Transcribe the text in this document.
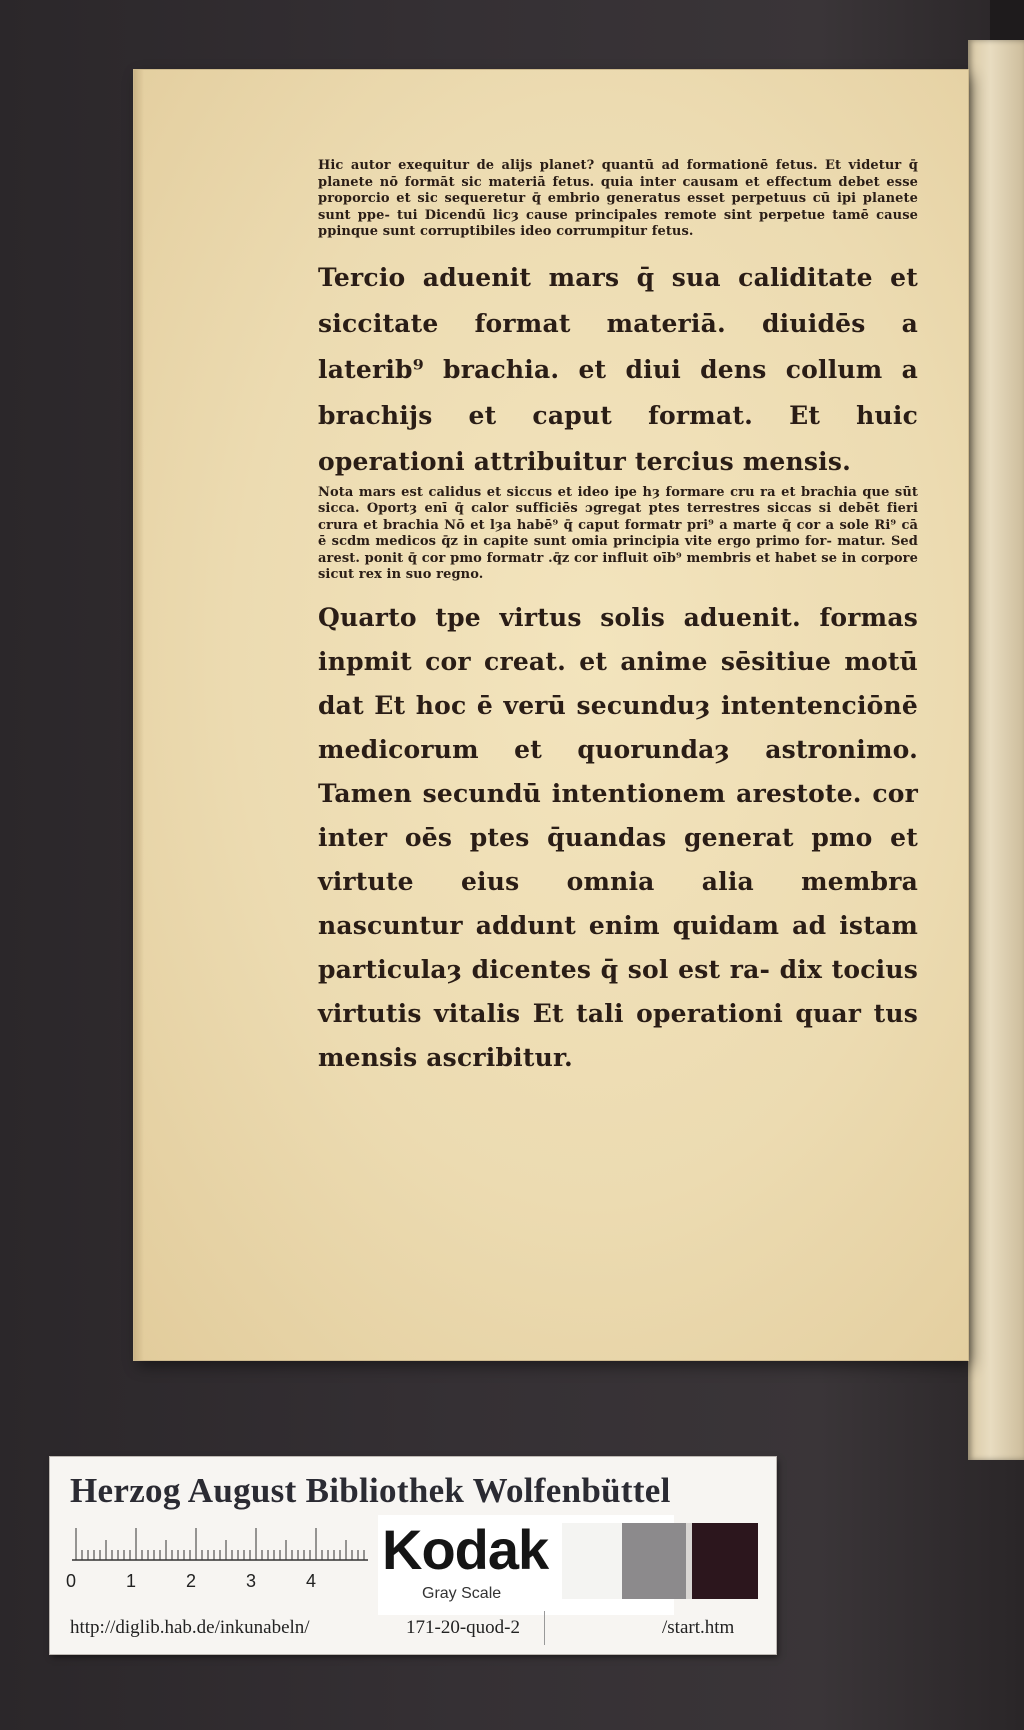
Hic autor exequitur de alijs planet? quantū ad formationē fetus. Et videtur q̄ planete nō formāt sic materiā fetus. quia inter causam et effectum debet esse proporcio et sic sequeretur q̄ embrio generatus esset perpetuus cū ipi planete sunt ppe- tui Dicendū licȝ cause principales remote sint perpetue tamē cause ppinque sunt corruptibiles ideo corrumpitur fetus.

Tercio aduenit mars q̄ sua caliditate et siccitate format materiā. diuidēs a laterib⁹ brachia. et diui dens collum a brachijs et caput format. Et huic operationi attribuitur tercius mensis.

Nota mars est calidus et siccus et ideo ipe hȝ formare cru ra et brachia que sūt sicca. Oportȝ enī q̄ calor sufficiēs ɔgregat ptes terrestres siccas si debēt fieri crura et brachia Nō et lȝa habē⁹ q̄ caput formatr pri⁹ a marte q̄ cor a sole Ri⁹ cā ē scdm medicos q̄z in capite sunt omia principia vite ergo primo for- matur. Sed arest. ponit q̄ cor pmo formatr .q̄z cor influit oīb⁹ membris et habet se in corpore sicut rex in suo regno.

Quarto tpe virtus solis aduenit. formas inpmit cor creat. et anime sēsitiue motū dat Et hoc ē verū secunduȝ intentenciōnē medicorum et quorundaȝ astronimo. Tamen secundū intentionem arestote. cor inter oēs ptes q̄uandas generat pmo et virtute eius omnia alia membra nascuntur addunt enim quidam ad istam particulaȝ dicentes q̄ sol est ra- dix tocius virtutis vitalis Et tali operationi quar tus mensis ascribitur.

Herzog August Bibliothek Wolfenbüttel
0	1	2	3	4 Kodak
Gray Scale
http://diglib.hab.de/inkunabeln/	171-20-quod-2	/start.htm
